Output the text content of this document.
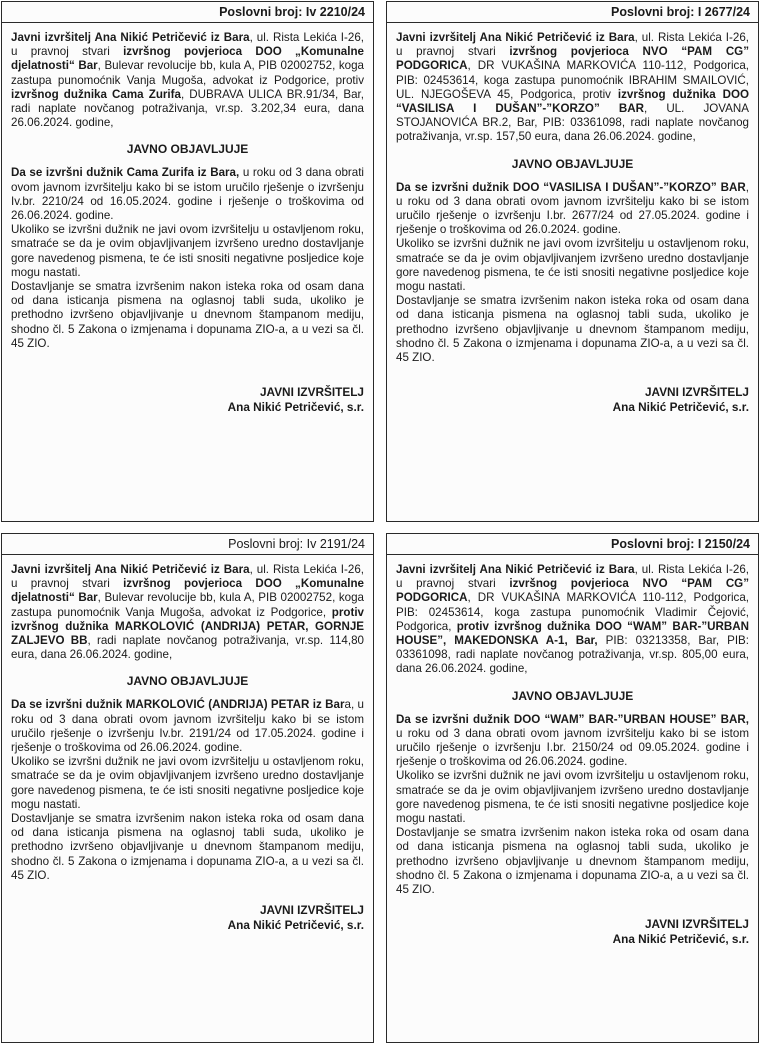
Poslovni broj: Iv 2210/24

Javni izvršitelj Ana Nikić Petričević iz Bara, ul. Rista Lekića I-26, u pravnoj stvari izvršnog povjerioca DOO „Komunalne djelatnosti“ Bar, Bulevar revolucije bb, kula A, PIB 02002752, koga zastupa punomoćnik Vanja Mugoša, advokat iz Podgorice, protiv izvršnog dužnika Cama Zurifa, DUBRAVA ULICA BR.91/34, Bar, radi naplate novčanog potraživanja, vr.sp. 3.202,34 eura, dana 26.06.2024. godine,

JAVNO OBJAVLJUJE

Da se izvršni dužnik Cama Zurifa iz Bara, u roku od 3 dana obrati ovom javnom izvršitelju kako bi se istom uručilo rješenje o izvršenju Iv.br. 2210/24 od 16.05.2024. godine i rješenje o troškovima od 26.06.2024. godine.

Ukoliko se izvršni dužnik ne javi ovom izvršitelju u ostavljenom roku, smatraće se da je ovim objavljivanjem izvršeno uredno dostavljanje gore navedenog pismena, te će isti snositi negativne posljedice koje mogu nastati.

Dostavljanje se smatra izvršenim nakon isteka roka od osam dana od dana isticanja pismena na oglasnoj tabli suda, ukoliko je prethodno izvršeno objavljivanje u dnevnom štampanom mediju, shodno čl. 5 Zakona o izmjenama i dopunama ZIO-a, a u vezi sa čl. 45 ZIO.

JAVNI IZVRŠITELJ
Ana Nikić Petričević, s.r.
Poslovni broj: I 2677/24

Javni izvršitelj Ana Nikić Petričević iz Bara, ul. Rista Lekića I-26, u pravnoj stvari izvršnog povjerioca NVO “PAM CG” PODGORICA, DR VUKAŠINA MARKOVIĆA 110-112, Podgorica, PIB: 02453614, koga zastupa punomoćnik IBRAHIM SMAILOVIĆ, UL. NJEGOŠEVA 45, Podgorica, protiv izvršnog dužnika DOO “VASILISA I DUŠAN”-”KORZO” BAR, UL. JOVANA STOJANOVIĆA BR.2, Bar, PIB: 03361098, radi naplate novčanog potraživanja, vr.sp. 157,50 eura, dana 26.06.2024. godine,

JAVNO OBJAVLJUJE

Da se izvršni dužnik DOO “VASILISA I DUŠAN”-”KORZO” BAR, u roku od 3 dana obrati ovom javnom izvršitelju kako bi se istom uručilo rješenje o izvršenju I.br. 2677/24 od 27.05.2024. godine i rješenje o troškovima od 26.0.2024. godine.

Ukoliko se izvršni dužnik ne javi ovom izvršitelju u ostavljenom roku, smatraće se da je ovim objavljivanjem izvršeno uredno dostavljanje gore navedenog pismena, te će isti snositi negativne posljedice koje mogu nastati.

Dostavljanje se smatra izvršenim nakon isteka roka od osam dana od dana isticanja pismena na oglasnoj tabli suda, ukoliko je prethodno izvršeno objavljivanje u dnevnom štampanom mediju, shodno čl. 5 Zakona o izmjenama i dopunama ZIO-a, a u vezi sa čl. 45 ZIO.

JAVNI IZVRŠITELJ
Ana Nikić Petričević, s.r.
Poslovni broj: Iv 2191/24

Javni izvršitelj Ana Nikić Petričević iz Bara, ul. Rista Lekića I-26, u pravnoj stvari izvršnog povjerioca DOO „Komunalne djelatnosti“ Bar, Bulevar revolucije bb, kula A, PIB 02002752, koga zastupa punomoćnik Vanja Mugoša, advokat iz Podgorice, protiv izvršnog dužnika MARKOLOVIĆ (ANDRIJA) PETAR, GORNJE ZALJEVO BB, radi naplate novčanog potraživanja, vr.sp. 114,80 eura, dana 26.06.2024. godine,

JAVNO OBJAVLJUJE

Da se izvršni dužnik MARKOLOVIĆ (ANDRIJA) PETAR iz Bara, u roku od 3 dana obrati ovom javnom izvršitelju kako bi se istom uručilo rješenje o izvršenju Iv.br. 2191/24 od 17.05.2024. godine i rješenje o troškovima od 26.06.2024. godine.

Ukoliko se izvršni dužnik ne javi ovom izvršitelju u ostavljenom roku, smatraće se da je ovim objavljivanjem izvršeno uredno dostavljanje gore navedenog pismena, te će isti snositi negativne posljedice koje mogu nastati.

Dostavljanje se smatra izvršenim nakon isteka roka od osam dana od dana isticanja pismena na oglasnoj tabli suda, ukoliko je prethodno izvršeno objavljivanje u dnevnom štampanom mediju, shodno čl. 5 Zakona o izmjenama i dopunama ZIO-a, a u vezi sa čl. 45 ZIO.

JAVNI IZVRŠITELJ
Ana Nikić Petričević, s.r.
Poslovni broj: I 2150/24

Javni izvršitelj Ana Nikić Petričević iz Bara, ul. Rista Lekića I-26, u pravnoj stvari izvršnog povjerioca NVO “PAM CG” PODGORICA, DR VUKAŠINA MARKOVIĆA 110-112, Podgorica, PIB: 02453614, koga zastupa punomoćnik Vladimir Čejović, Podgorica, protiv izvršnog dužnika DOO “WAM” BAR-”URBAN HOUSE”, MAKEDONSKA A-1, Bar, PIB: 03213358, Bar, PIB: 03361098, radi naplate novčanog potraživanja, vr.sp. 805,00 eura, dana 26.06.2024. godine,

JAVNO OBJAVLJUJE

Da se izvršni dužnik DOO “WAM” BAR-”URBAN HOUSE” BAR, u roku od 3 dana obrati ovom javnom izvršitelju kako bi se istom uručilo rješenje o izvršenju I.br. 2150/24 od 09.05.2024. godine i rješenje o troškovima od 26.06.2024. godine.

Ukoliko se izvršni dužnik ne javi ovom izvršitelju u ostavljenom roku, smatraće se da je ovim objavljivanjem izvršeno uredno dostavljanje gore navedenog pismena, te će isti snositi negativne posljedice koje mogu nastati.

Dostavljanje se smatra izvršenim nakon isteka roka od osam dana od dana isticanja pismena na oglasnoj tabli suda, ukoliko je prethodno izvršeno objavljivanje u dnevnom štampanom mediju, shodno čl. 5 Zakona o izmjenama i dopunama ZIO-a, a u vezi sa čl. 45 ZIO.

JAVNI IZVRŠITELJ
Ana Nikić Petričević, s.r.
